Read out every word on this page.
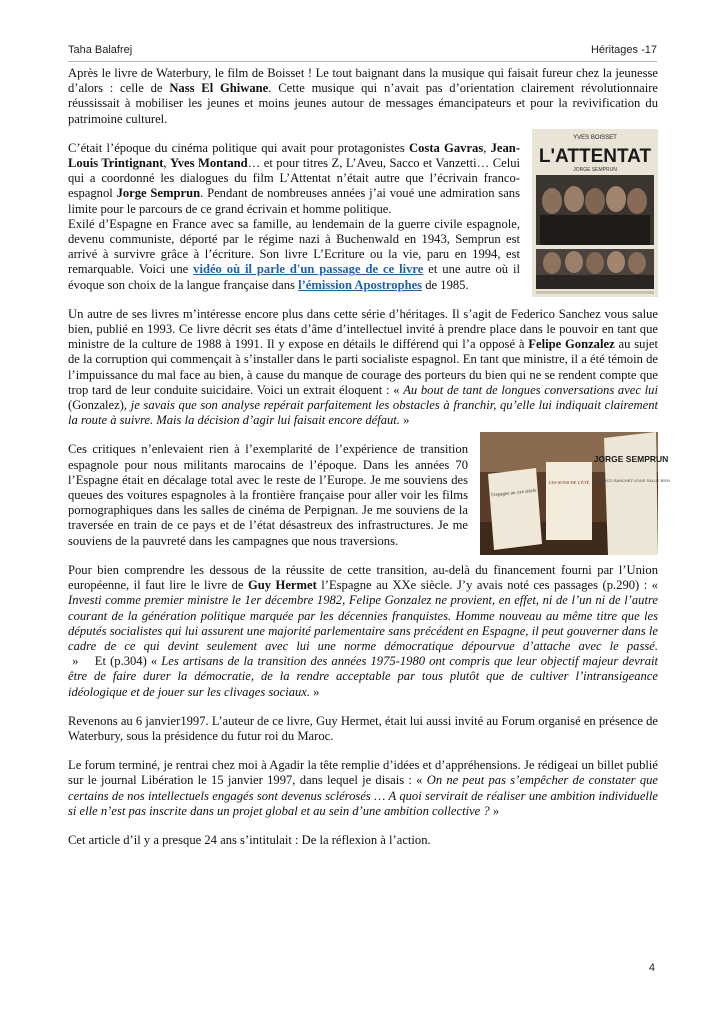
Taha Balafrej	Héritages -17

Après le livre de Waterbury, le film de Boisset ! Le tout baignant dans la musique qui faisait fureur chez la jeunesse d’alors : celle de Nass El Ghiwane. Cette musique qui n’avait pas d’orientation clairement révolutionnaire réussissait à mobiliser les jeunes et moins jeunes autour de messages émancipateurs et pour la revivification du patrimoine culturel.

YVES BOISSET
L'ATTENTAT
JORGE SEMPRUN

C’était l’époque du cinéma politique qui avait pour protagonistes Costa Gavras, Jean-Louis Trintignant, Yves Montand… et pour titres Z, L’Aveu, Sacco et Vanzetti… Celui qui a coordonné les dialogues du film L’Attentat n’était autre que l’écrivain franco-espagnol Jorge Semprun. Pendant de nombreuses années j’ai voué une admiration sans limite pour le parcours de ce grand écrivain et homme politique.

Exilé d’Espagne en France avec sa famille, au lendemain de la guerre civile espagnole, devenu communiste, déporté par le régime nazi à Buchenwald en 1943, Semprun est arrivé à survivre grâce à l’écriture. Son livre L’Ecriture ou la vie, paru en 1994, est remarquable. Voici une vidéo où il parle d'un passage de ce livre et une autre où il évoque son choix de la langue française dans l’émission Apostrophes de 1985.

Un autre de ses livres m’intéresse encore plus dans cette série d’héritages. Il s’agit de Federico Sanchez vous salue bien, publié en 1993. Ce livre décrit ses états d’âme d’intellectuel invité à prendre place dans le pouvoir en tant que ministre de la culture de 1988 à 1991. Il y expose en détails le différend qui l’a opposé à Felipe Gonzalez au sujet de la corruption qui commençait à s’installer dans le parti socialiste espagnol. En tant que ministre, il a été témoin de l’impuissance du mal face au bien, à cause du manque de courage des porteurs du bien qui ne se rendent compte que trop tard de leur conduite suicidaire. Voici un extrait éloquent : « Au bout de tant de longues conversations avec lui (Gonzalez), je savais que son analyse repérait parfaitement les obstacles à franchir, qu’elle lui indiquait clairement la route à suivre. Mais la décision d’agir lui faisait encore défaut. »

l'espagne au xxe siècle
LES SONS DE L'ÉTÉ
JORGE SEMPRUN
FEDERICO SANCHEZ VOUS SALUE BIEN

Ces critiques n’enlevaient rien à l’exemplarité de l’expérience de transition espagnole pour nous militants marocains de l’époque. Dans les années 70 l’Espagne était en décalage total avec le reste de l’Europe. Je me souviens des queues des voitures espagnoles à la frontière française pour aller voir les films pornographiques dans les salles de cinéma de Perpignan. Je me souviens de la traversée en train de ce pays et de l’état désastreux des infrastructures. Je me souviens de la pauvreté dans les campagnes que nous traversions.

Pour bien comprendre les dessous de la réussite de cette transition, au-delà du financement fourni par l’Union européenne, il faut lire le livre de Guy Hermet l’Espagne au XXe siècle. J’y avais noté ces passages (p.290) : « Investi comme premier ministre le 1er décembre 1982, Felipe Gonzalez ne provient, en effet, ni de l’un ni de l’autre courant de la génération politique marquée par les décennies franquistes. Homme nouveau au même titre que les députés socialistes qui lui assurent une majorité parlementaire sans précédent en Espagne, il peut gouverner dans le cadre de ce qui devint seulement avec lui une norme démocratique dépourvue d’attache avec le passé. »    Et (p.304) « Les artisans de la transition des années 1975-1980 ont compris que leur objectif majeur devrait être de faire durer la démocratie, de la rendre acceptable par tous plutôt que de cultiver l’intransigeance idéologique et de jouer sur les clivages sociaux. »

Revenons au 6 janvier1997. L’auteur de ce livre, Guy Hermet, était lui aussi invité au Forum organisé en présence de Waterbury, sous la présidence du futur roi du Maroc.

Le forum terminé, je rentrai chez moi à Agadir la tête remplie d’idées et d’appréhensions. Je rédigeai un billet publié sur le journal Libération le 15 janvier 1997, dans lequel je disais : « On ne peut pas s’empêcher de constater que certains de nos intellectuels engagés sont devenus sclérosés … A quoi servirait de réaliser une ambition individuelle si elle n’est pas inscrite dans un projet global et au sein d’une ambition collective ? »

Cet article d’il y a presque 24 ans s’intitulait : De la réflexion à l’action.

4
